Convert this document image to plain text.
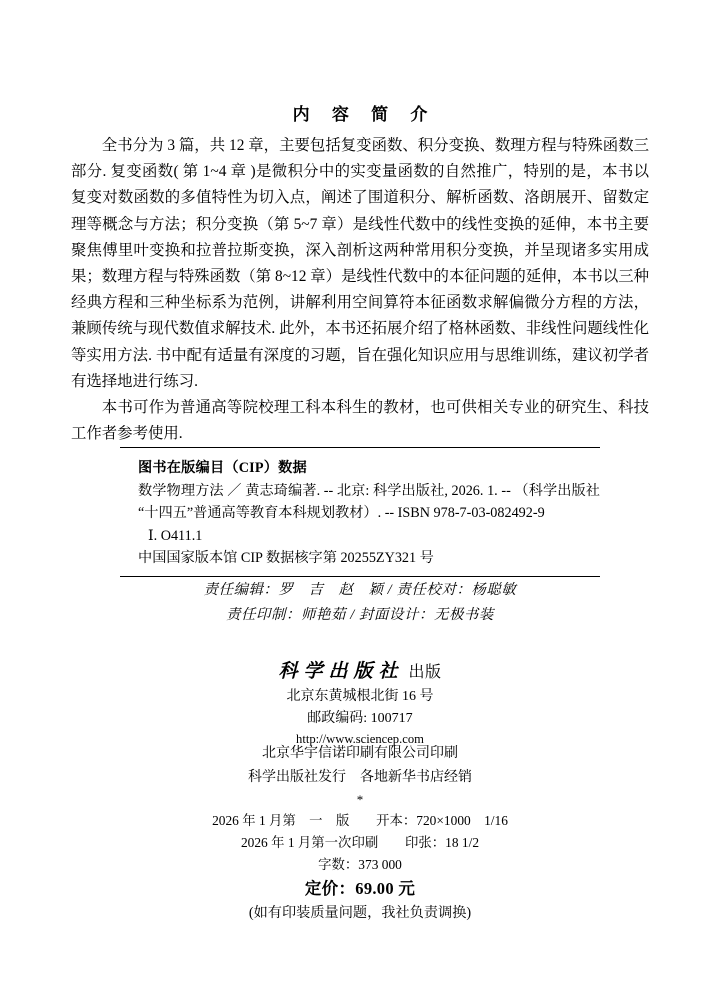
内 容 简 介

全书分为 3 篇，共 12 章，主要包括复变函数、积分变换、数理方程与特殊函数三部分. 复变函数( 第 1~4 章 )是微积分中的实变量函数的自然推广，特别的是，本书以复变对数函数的多值特性为切入点，阐述了围道积分、解析函数、洛朗展开、留数定理等概念与方法；积分变换（第 5~7 章）是线性代数中的线性变换的延伸，本书主要聚焦傅里叶变换和拉普拉斯变换，深入剖析这两种常用积分变换，并呈现诸多实用成果；数理方程与特殊函数（第 8~12 章）是线性代数中的本征问题的延伸，本书以三种经典方程和三种坐标系为范例，讲解利用空间算符本征函数求解偏微分方程的方法，兼顾传统与现代数值求解技术. 此外，本书还拓展介绍了格林函数、非线性问题线性化等实用方法. 书中配有适量有深度的习题，旨在强化知识应用与思维训练，建议初学者有选择地进行练习.

本书可作为普通高等院校理工科本科生的教材，也可供相关专业的研究生、科技工作者参考使用.

图书在版编目（CIP）数据
数学物理方法 ／ 黄志琦编著. -- 北京: 科学出版社, 2026. 1. -- （科学出版社“十四五”普通高等教育本科规划教材）. -- ISBN 978-7-03-082492-9
Ⅰ. O411.1
中国国家版本馆 CIP 数据核字第 20255ZY321 号
责任编辑：罗　吉　赵　颖 / 责任校对：杨聪敏
责任印制：师艳茹 / 封面设计：无极书装
科学出版社 出版
北京东黄城根北街 16 号
邮政编码: 100717
http://www.sciencep.com
北京华宇信诺印刷有限公司印刷
科学出版社发行　各地新华书店经销
*
2026 年 1 月第　一　版　　开本：720×1000　1/16
2026 年 1 月第一次印刷　　印张：18 1/2
字数：373 000
定价：69.00 元
(如有印装质量问题，我社负责调换)
